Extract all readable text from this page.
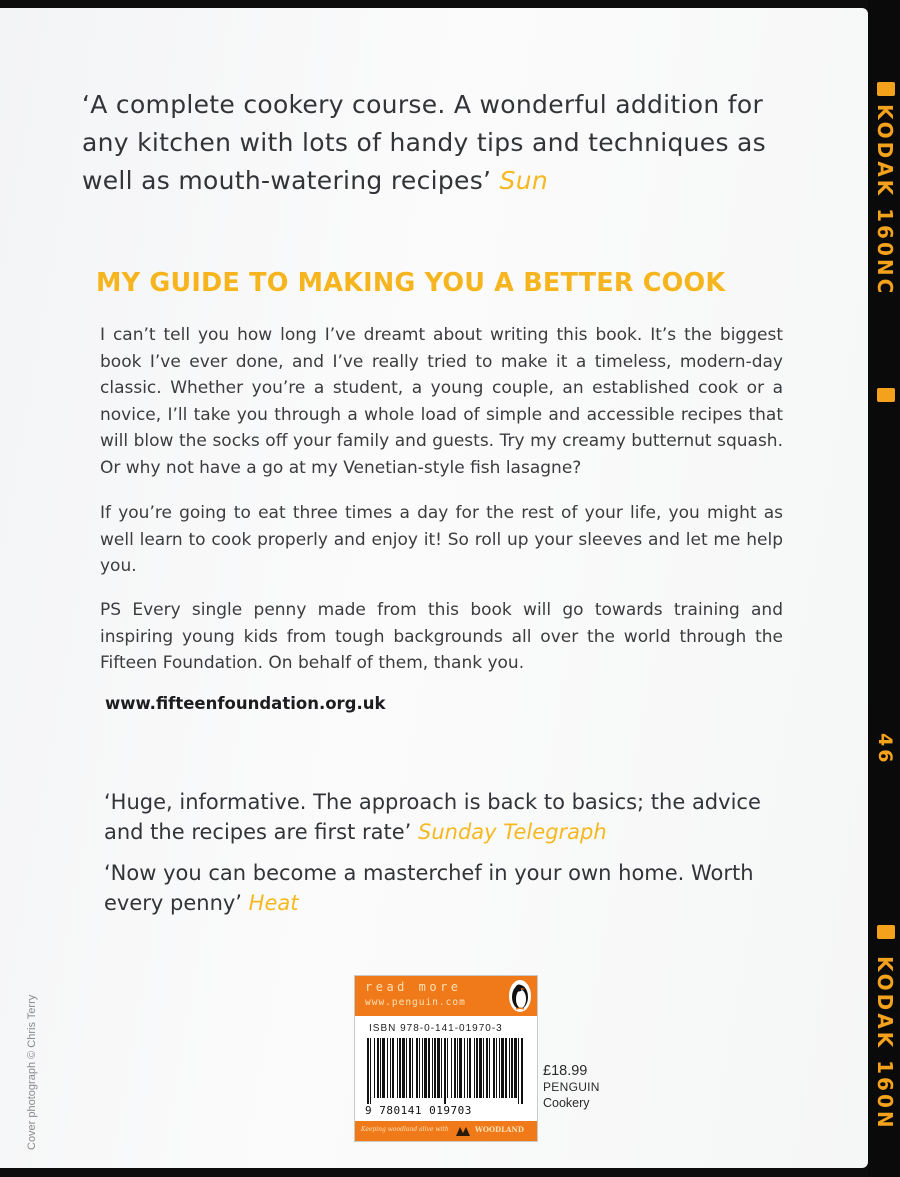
KODAK 160NC
46
KODAK 160N
‘A complete cookery course. A wonderful addition for any kitchen with lots of handy tips and techniques as well as mouth-watering recipes’ Sun
MY GUIDE TO MAKING YOU A BETTER COOK
I can’t tell you how long I’ve dreamt about writing this book. It’s the biggest book I’ve ever done, and I’ve really tried to make it a timeless, modern-day classic. Whether you’re a student, a young couple, an established cook or a novice, I’ll take you through a whole load of simple and accessible recipes that will blow the socks off your family and guests. Try my creamy butternut squash. Or why not have a go at my Venetian-style fish lasagne?
If you’re going to eat three times a day for the rest of your life, you might as well learn to cook properly and enjoy it! So roll up your sleeves and let me help you.
PS Every single penny made from this book will go towards training and inspiring young kids from tough backgrounds all over the world through the Fifteen Foundation. On behalf of them, thank you.
www.fifteenfoundation.org.uk
‘Huge, informative. The approach is back to basics; the advice and the recipes are first rate’ Sunday Telegraph
‘Now you can become a masterchef in your own home. Worth every penny’ Heat
Cover photograph © Chris Terry
read more
www.penguin.com
ISBN 978-0-141-01970-3
9 780141 019703
Keeping woodland alive with	WOODLAND
£18.99
PENGUIN
Cookery
